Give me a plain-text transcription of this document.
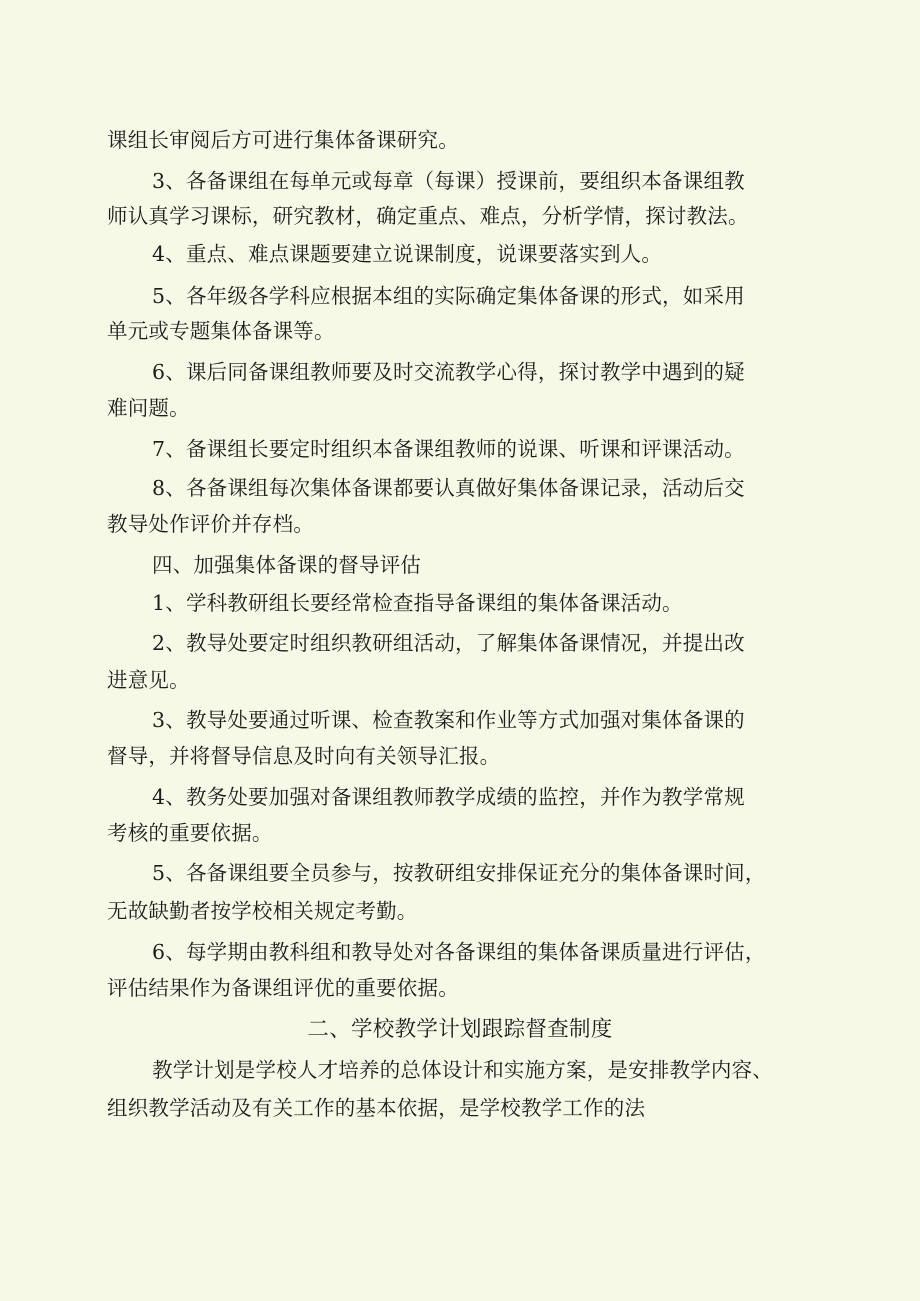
课组长审阅后方可进行集体备课研究。
3、各备课组在每单元或每章（每课）授课前，要组织本备课组教
师认真学习课标，研究教材，确定重点、难点，分析学情，探讨教法。
4、重点、难点课题要建立说课制度，说课要落实到人。
5、各年级各学科应根据本组的实际确定集体备课的形式，如采用
单元或专题集体备课等。
6、课后同备课组教师要及时交流教学心得，探讨教学中遇到的疑
难问题。
7、备课组长要定时组织本备课组教师的说课、听课和评课活动。
8、各备课组每次集体备课都要认真做好集体备课记录，活动后交
教导处作评价并存档。
四、加强集体备课的督导评估
1、学科教研组长要经常检查指导备课组的集体备课活动。
2、教导处要定时组织教研组活动，了解集体备课情况，并提出改
进意见。
3、教导处要通过听课、检查教案和作业等方式加强对集体备课的
督导，并将督导信息及时向有关领导汇报。
4、教务处要加强对备课组教师教学成绩的监控，并作为教学常规
考核的重要依据。
5、各备课组要全员参与，按教研组安排保证充分的集体备课时间，
无故缺勤者按学校相关规定考勤。
6、每学期由教科组和教导处对各备课组的集体备课质量进行评估，
评估结果作为备课组评优的重要依据。
二、学校教学计划跟踪督查制度
教学计划是学校人才培养的总体设计和实施方案，是安排教学内容、
组织教学活动及有关工作的基本依据，是学校教学工作的法
